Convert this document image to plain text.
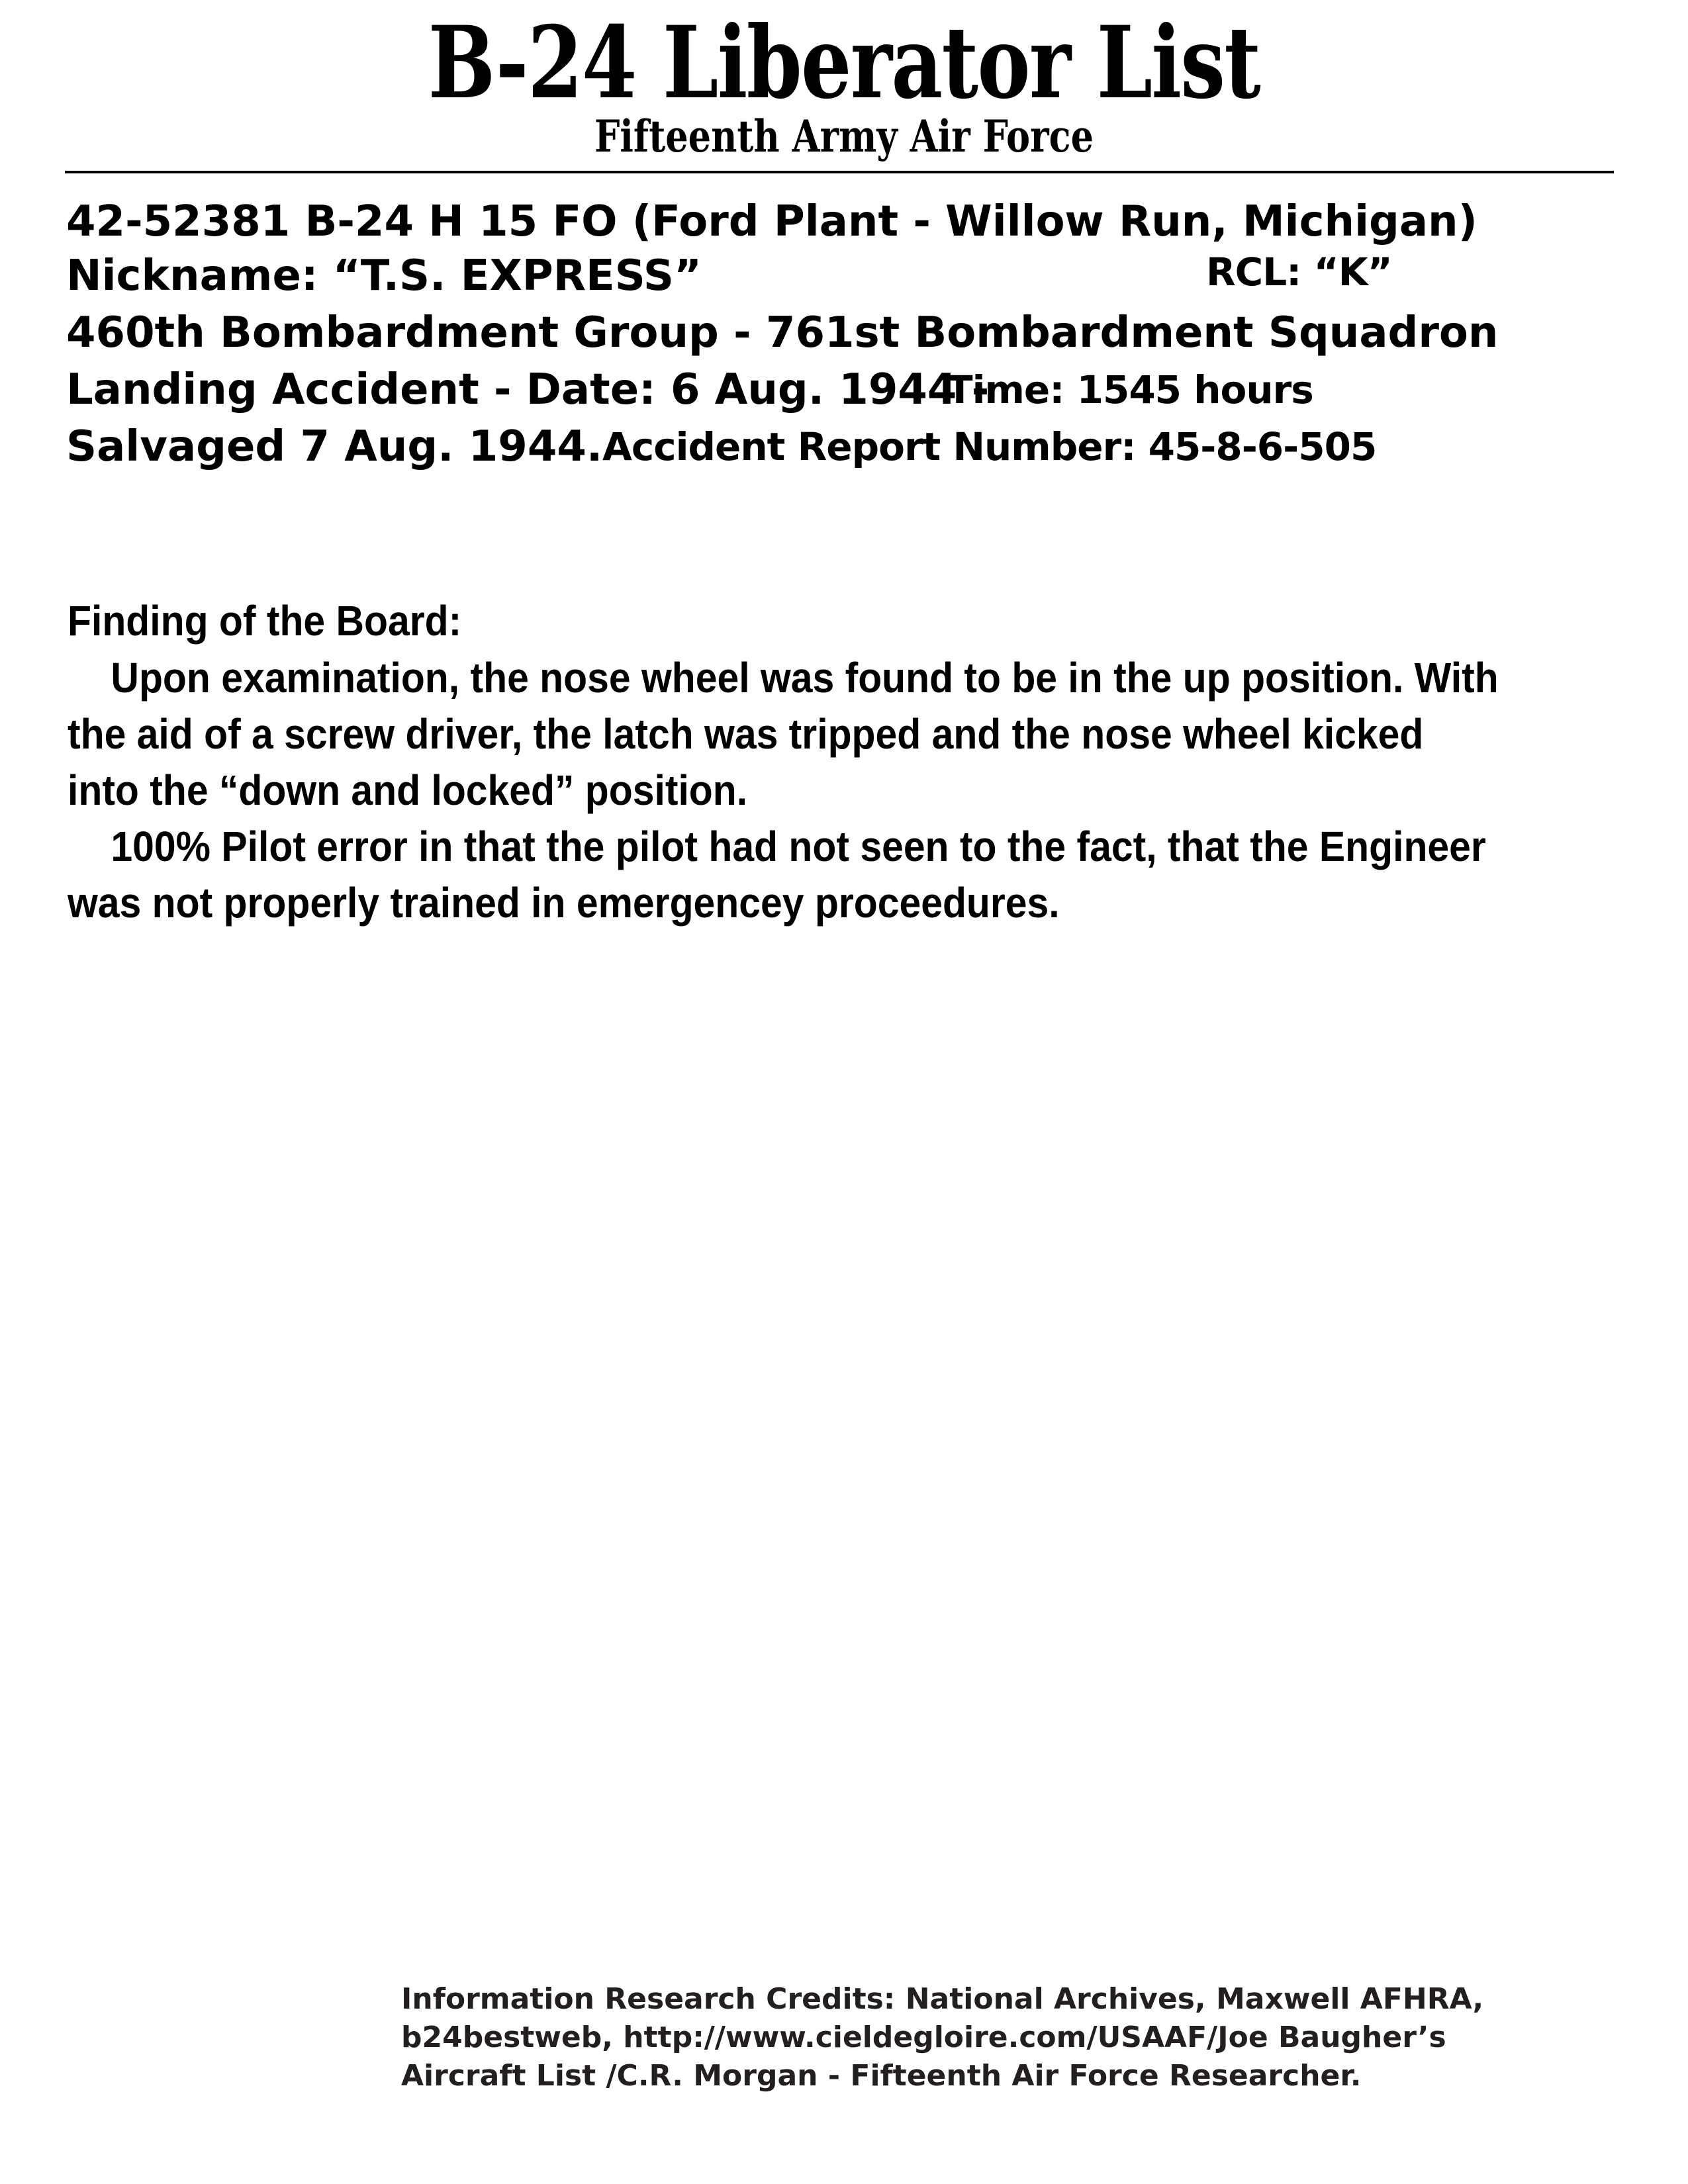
B-24 Liberator List
Fifteenth Army Air Force
42-52381 B-24 H 15 FO (Ford Plant - Willow Run, Michigan)
Nickname: “T.S. EXPRESS”	RCL: “K”
460th Bombardment Group - 761st Bombardment Squadron
Landing Accident - Date: 6 Aug. 1944 -
Time: 1545 hours
Salvaged 7 Aug. 1944. Accident Report Number: 45-8-6-505
Finding of the Board:
Upon examination, the nose wheel was found to be in the up position. With
the aid of a screw driver, the latch was tripped and the nose wheel kicked
into the “down and locked” position.
100% Pilot error in that the pilot had not seen to the fact, that the Engineer
was not properly trained in emergencey proceedures.
Information Research Credits: National Archives, Maxwell AFHRA,
b24bestweb, http://www.cieldegloire.com/USAAF/Joe Baugher’s
Aircraft List /C.R. Morgan - Fifteenth Air Force Researcher.
